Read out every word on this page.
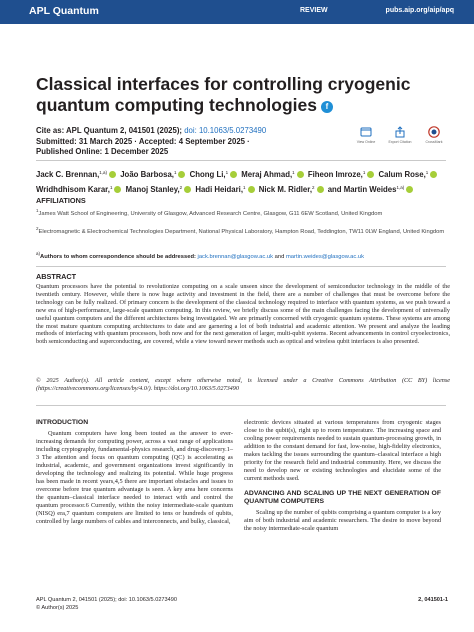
APL Quantum	REVIEW	pubs.aip.org/aip/apq
Classical interfaces for controlling cryogenic quantum computing technologies f
Cite as: APL Quantum 2, 041501 (2025); doi: 10.1063/5.0273490
Submitted: 31 March 2025 · Accepted: 4 September 2025 ·
Published Online: 1 December 2025
View Online	Export Citation	CrossMark
Jack C. Brennan,$^{1,a)}$ João Barbosa,$^1$ Chong Li,$^1$ Meraj Ahmad,$^1$ Fiheon Imroze,$^1$ Calum Rose,$^1$ Wridhdhisom Karar,$^1$ Manoj Stanley,$^2$ Hadi Heidari,$^1$ Nick M. Ridler,$^2$ and Martin Weides$^{1,a)}$
AFFILIATIONS
$^1$James Watt School of Engineering, University of Glasgow, Advanced Research Centre, Glasgow, G11 6EW Scotland, United Kingdom
$^2$Electromagnetic & Electrochemical Technologies Department, National Physical Laboratory, Hampton Road, Teddington, TW11 0LW England, United Kingdom
$^{a)}$Authors to whom correspondence should be addressed: jack.brennan@glasgow.ac.uk and martin.weides@glasgow.ac.uk
ABSTRACT
Quantum processors have the potential to revolutionize computing on a scale unseen since the development of semiconductor technology in the middle of the twentieth century. However, while there is now huge activity and investment in the field, there are a number of challenges that must be overcome before the technology can be fully realized. Of primary concern is the development of the classical technology required to interface with quantum systems, as we push toward a new era of high-performance, large-scale quantum computing. In this review, we briefly discuss some of the main challenges facing the development of universally useful quantum computers and the different architectures being investigated. We are primarily concerned with cryogenic quantum systems. These systems are among the most mature quantum computing architectures to date and are garnering a lot of both industrial and academic attention. We present and analyze the leading methods of interfacing with quantum processors, both now and for the next generation of larger, multi-qubit systems. Recent advancements in control cryoelectronics, both semiconducting and superconducting, are covered, while a view toward newer methods such as optical and wireless qubit interfaces is also presented.
© 2025 Author(s). All article content, except where otherwise noted, is licensed under a Creative Commons Attribution (CC BY) license (https://creativecommons.org/licenses/by/4.0/). https://doi.org/10.1063/5.0273490
INTRODUCTION

Quantum computers have long been touted as the answer to ever-increasing demands for computing power, across a vast range of applications including cryptography, fundamental-physics research, and drug-discovery.1–3 The attention and focus on quantum computing (QC) is accelerating as industrial, academic, and government organizations invest significantly in developing the technology and realizing its potential. While huge progress has been made in recent years,4,5 there are important obstacles and issues to overcome before true quantum advantage is seen. A key area here concerns the quantum–classical interface needed to interact with and control the quantum processor.6 Currently, within the noisy intermediate-scale quantum (NISQ) era,7 quantum computers are limited to tens or hundreds of qubits, controlled by large numbers of cables and interconnects, and bulky, classical,

electronic devices situated at various temperatures from cryogenic stages close to the qubit(s), right up to room temperature. The increasing space and cooling power requirements needed to sustain quantum-processing growth, in addition to the constant demand for fast, low-noise, high-fidelity electronics, makes tackling the issues surrounding the quantum–classical interface a high priority for the research field and industrial community. Here, we discuss the need to develop new or existing technologies and elucidate some of the current methods used.

ADVANCING AND SCALING UP THE NEXT GENERATION OF QUANTUM COMPUTERS

Scaling up the number of qubits comprising a quantum computer is a key aim of both industrial and academic researchers. The desire to move beyond the noisy intermediate-scale quantum

APL Quantum 2, 041501 (2025); doi: 10.1063/5.0273490
© Author(s) 2025
2, 041501-1
